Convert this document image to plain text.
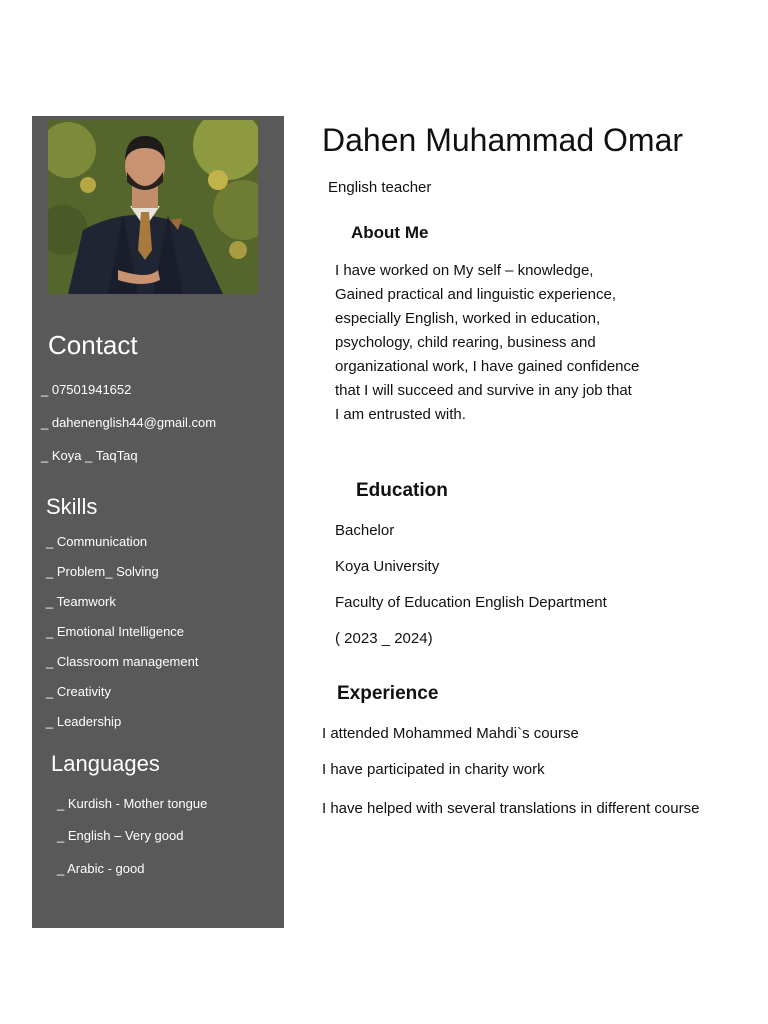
Contact
_ 07501941652
_ dahenenglish44@gmail.com
_ Koya _ TaqTaq
Skills
_ Communication
_ Problem_ Solving
_ Teamwork
_ Emotional Intelligence
_ Classroom management
_ Creativity
_ Leadership
Languages
_ Kurdish - Mother tongue
_ English – Very good
_ Arabic - good
Dahen Muhammad Omar
English teacher
About Me

I have worked on My self – knowledge, Gained practical and linguistic experience, especially English, worked in education, psychology, child rearing, business and organizational work, I have gained confidence that I will succeed and survive in any job that I am entrusted with.

Education
Bachelor
Koya University
Faculty of Education English Department
( 2023 _ 2024)
Experience
I attended Mohammed Mahdi`s course
I have participated in charity work
I have helped with several translations in different course
